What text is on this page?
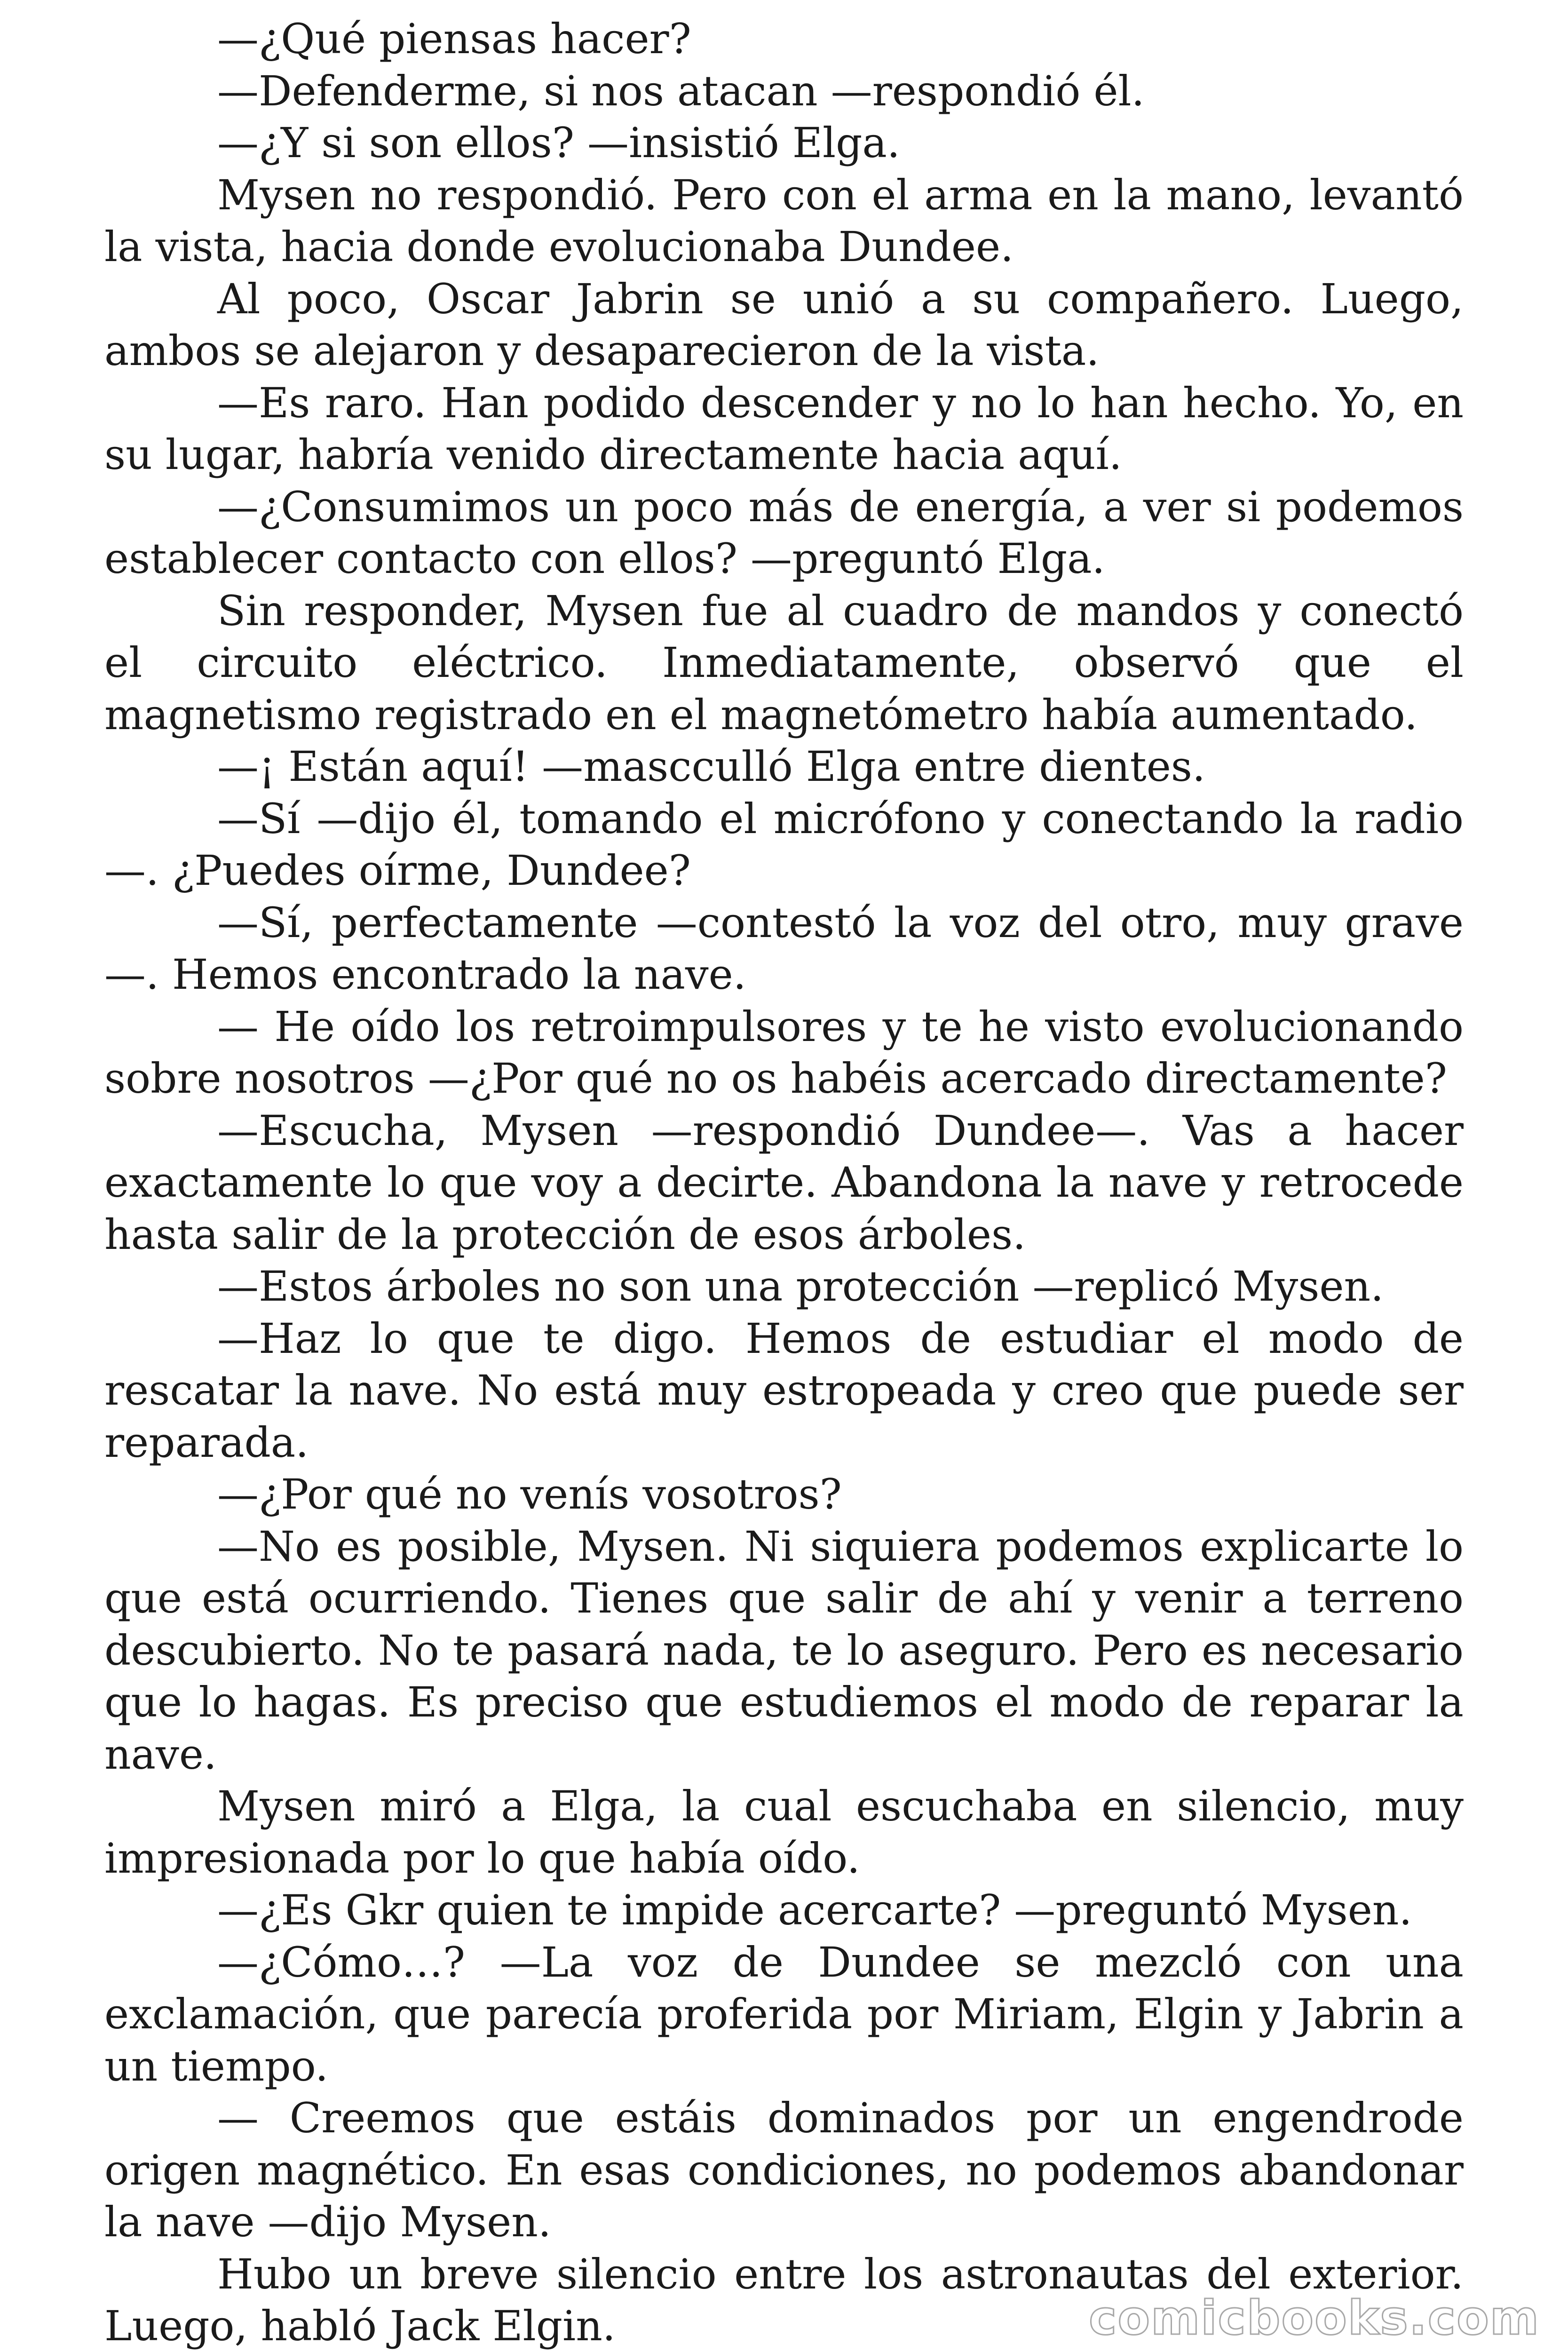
—¿Qué piensas hacer?

—Defenderme, si nos atacan —respondió él.

—¿Y si son ellos? —insistió Elga.

Mysen no respondió. Pero con el arma en la mano, levantó la vista, hacia donde evolucionaba Dundee.

Al poco, Oscar Jabrin se unió a su compañero. Luego, ambos se alejaron y desaparecieron de la vista.

—Es raro. Han podido descender y no lo han hecho. Yo, en su lugar, habría venido directamente hacia aquí.

—¿Consumimos un poco más de energía, a ver si podemos establecer contacto con ellos? —preguntó Elga.

Sin responder, Mysen fue al cuadro de mandos y conectó el circuito eléctrico. Inmediatamente, observó que el magnetismo registrado en el magnetómetro había aumentado.

—¡ Están aquí! —mascculló Elga entre dientes.

—Sí —dijo él, tomando el micrófono y conectando la radio—. ¿Puedes oírme, Dundee?

—Sí, perfectamente —contestó la voz del otro, muy grave—. Hemos encontrado la nave.

— He oído los retroimpulsores y te he visto evolucionando sobre nosotros —¿Por qué no os habéis acercado directamente?

—Escucha, Mysen —respondió Dundee—. Vas a hacer exactamente lo que voy a decirte. Abandona la nave y retrocede hasta salir de la protección de esos árboles.

—Estos árboles no son una protección —replicó Mysen.

—Haz lo que te digo. Hemos de estudiar el modo de rescatar la nave. No está muy estropeada y creo que puede ser reparada.

—¿Por qué no venís vosotros?

—No es posible, Mysen. Ni siquiera podemos explicarte lo que está ocurriendo. Tienes que salir de ahí y venir a terreno descubierto. No te pasará nada, te lo aseguro. Pero es necesario que lo hagas. Es preciso que estudiemos el modo de reparar la nave.

Mysen miró a Elga, la cual escuchaba en silencio, muy impresionada por lo que había oído.

—¿Es Gkr quien te impide acercarte? —preguntó Mysen.

—¿Cómo…? —La voz de Dundee se mezcló con una exclamación, que parecía proferida por Miriam, Elgin y Jabrin a un tiempo.

— Creemos que estáis dominados por un engendrode origen magnético. En esas condiciones, no podemos abandonar la nave —dijo Mysen.

Hubo un breve silencio entre los astronautas del exterior. Luego, habló Jack Elgin.	comicbooks.com
